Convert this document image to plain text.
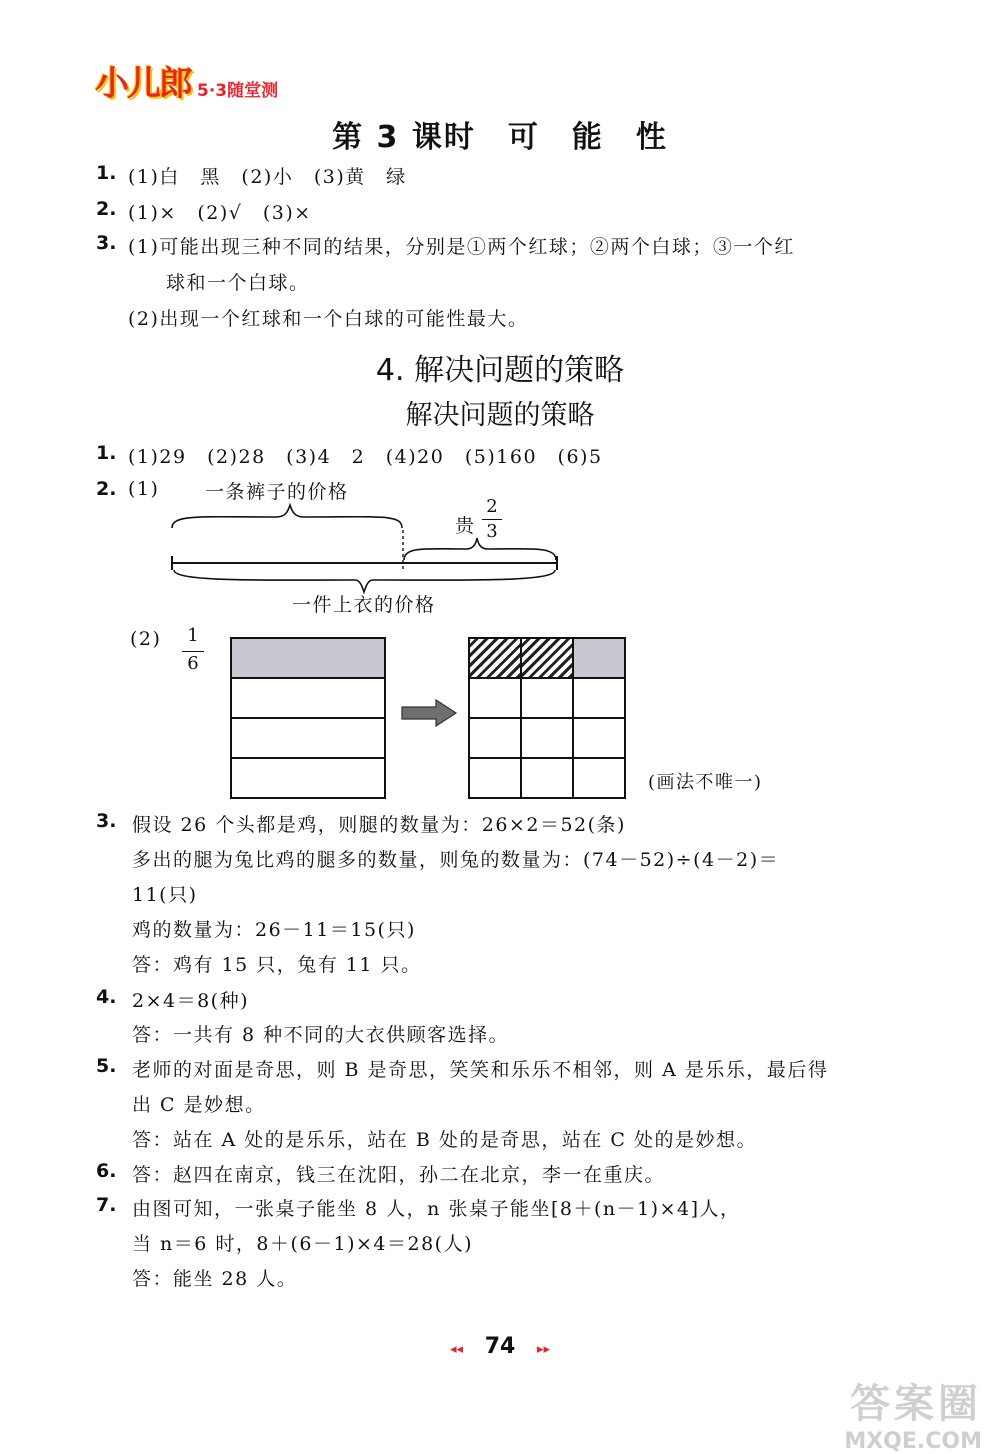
小儿郎 5·3随堂测
第 3 课时　可　能　性
1. (1)白　黑　(2)小　(3)黄　绿
2. (1)×　(2)√　(3)×
3. (1)可能出现三种不同的结果，分别是①两个红球；②两个白球；③一个红
球和一个白球。
(2)出现一个红球和一个白球的可能性最大。
4. 解决问题的策略
解决问题的策略
1. (1)29　(2)28　(3)4　2　(4)20　(5)160　(6)5
2. (1) 一条裤子的价格
贵
2
3
一件上衣的价格
(2) 1
6
(画法不唯一)
3. 假设 26 个头都是鸡，则腿的数量为：26×2＝52(条)
多出的腿为兔比鸡的腿多的数量，则兔的数量为：(74－52)÷(4－2)＝
11(只)
鸡的数量为：26－11＝15(只)
答：鸡有 15 只，兔有 11 只。
4. 2×4＝8(种)
答：一共有 8 种不同的大衣供顾客选择。
5. 老师的对面是奇思，则 B 是奇思，笑笑和乐乐不相邻，则 A 是乐乐，最后得
出 C 是妙想。
答：站在 A 处的是乐乐，站在 B 处的是奇思，站在 C 处的是妙想。
6. 答：赵四在南京，钱三在沈阳，孙二在北京，李一在重庆。
7. 由图可知，一张桌子能坐 8 人，n 张桌子能坐[8＋(n－1)×4]人，
当 n＝6 时，8＋(6－1)×4＝28(人)
答：能坐 28 人。
◂◂ 74 ▸▸
答案圈
MXQE.COM
